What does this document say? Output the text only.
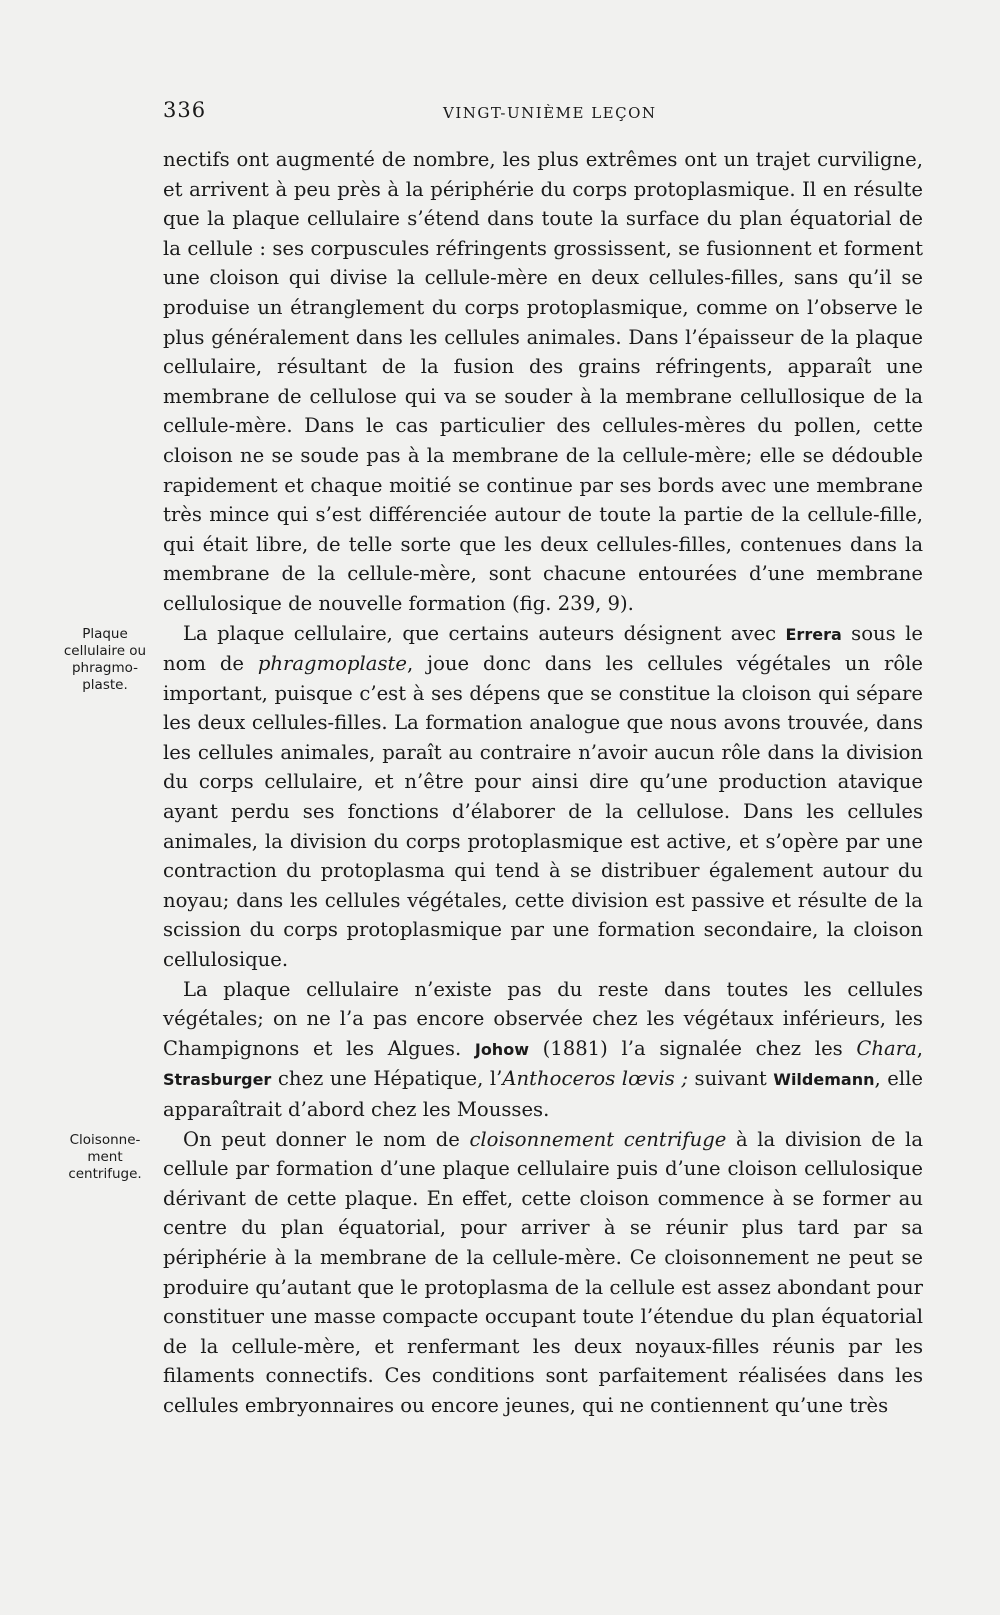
336	VINGT-UNIÈME LEÇON
Plaque
cellulaire ou
phragmo-
plaste.
Cloisonne-
ment
centrifuge.

nectifs ont augmenté de nombre, les plus extrêmes ont un trajet curviligne, et arrivent à peu près à la périphérie du corps protoplasmique. Il en résulte que la plaque cellulaire s’étend dans toute la surface du plan équatorial de la cellule : ses corpuscules réfringents grossissent, se fusionnent et forment une cloison qui divise la cellule-mère en deux cellules-filles, sans qu’il se produise un étranglement du corps protoplasmique, comme on l’observe le plus généralement dans les cellules animales. Dans l’épaisseur de la plaque cellulaire, résultant de la fusion des grains réfringents, apparaît une membrane de cellulose qui va se souder à la membrane cellullosique de la cellule-mère. Dans le cas particulier des cellules-mères du pollen, cette cloison ne se soude pas à la membrane de la cellule-mère; elle se dédouble rapidement et chaque moitié se continue par ses bords avec une membrane très mince qui s’est différenciée autour de toute la partie de la cellule-fille, qui était libre, de telle sorte que les deux cellules-filles, contenues dans la membrane de la cellule-mère, sont chacune entourées d’une membrane cellulosique de nouvelle formation (fig. 239, 9).

La plaque cellulaire, que certains auteurs désignent avec Errera sous le nom de phragmoplaste, joue donc dans les cellules végétales un rôle important, puisque c’est à ses dépens que se constitue la cloison qui sépare les deux cellules-filles. La formation analogue que nous avons trouvée, dans les cellules animales, paraît au contraire n’avoir aucun rôle dans la division du corps cellulaire, et n’être pour ainsi dire qu’une production atavique ayant perdu ses fonctions d’élaborer de la cellulose. Dans les cellules animales, la division du corps protoplasmique est active, et s’opère par une contraction du protoplasma qui tend à se distribuer également autour du noyau; dans les cellules végétales, cette division est passive et résulte de la scission du corps protoplasmique par une formation secondaire, la cloison cellulosique.

La plaque cellulaire n’existe pas du reste dans toutes les cellules végétales; on ne l’a pas encore observée chez les végétaux inférieurs, les Champignons et les Algues. Johow (1881) l’a signalée chez les Chara, Strasburger chez une Hépatique, l’Anthoceros lœvis ; suivant Wildemann, elle apparaîtrait d’abord chez les Mousses.

On peut donner le nom de cloisonnement centrifuge à la division de la cellule par formation d’une plaque cellulaire puis d’une cloison cellulosique dérivant de cette plaque. En effet, cette cloison commence à se former au centre du plan équatorial, pour arriver à se réunir plus tard par sa périphérie à la membrane de la cellule-mère. Ce cloisonnement ne peut se produire qu’autant que le protoplasma de la cellule est assez abondant pour constituer une masse compacte occupant toute l’étendue du plan équatorial de la cellule-mère, et renfermant les deux noyaux-filles réunis par les filaments connectifs. Ces conditions sont parfaitement réalisées dans les cellules embryonnaires ou encore jeunes, qui ne contiennent qu’une très
